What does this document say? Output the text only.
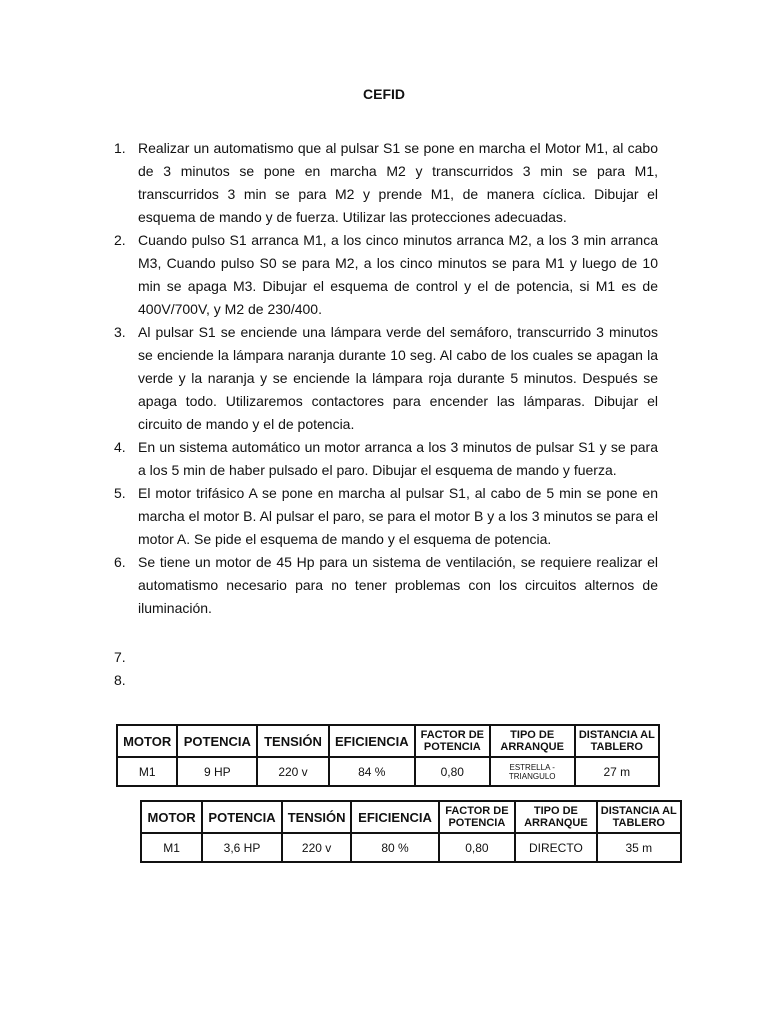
CEFID
1. Realizar un automatismo que al pulsar S1 se pone en marcha el Motor M1, al cabo de 3 minutos se pone en marcha M2 y transcurridos 3 min se para M1, transcurridos 3 min se para M2 y prende M1, de manera cíclica. Dibujar el esquema de mando y de fuerza. Utilizar las protecciones adecuadas.
2. Cuando pulso S1 arranca M1, a los cinco minutos arranca M2, a los 3 min arranca M3, Cuando pulso S0 se para M2, a los cinco minutos se para M1 y luego de 10 min se apaga M3. Dibujar el esquema de control y el de potencia, si M1 es de 400V/700V, y M2 de 230/400.
3. Al pulsar S1 se enciende una lámpara verde del semáforo, transcurrido 3 minutos se enciende la lámpara naranja durante 10 seg. Al cabo de los cuales se apagan la verde y la naranja y se enciende la lámpara roja durante 5 minutos. Después se apaga todo. Utilizaremos contactores para encender las lámparas. Dibujar el circuito de mando y el de potencia.
4. En un sistema automático un motor arranca a los 3 minutos de pulsar S1 y se para a los 5 min de haber pulsado el paro. Dibujar el esquema de mando y fuerza.
5. El motor trifásico A se pone en marcha al pulsar S1, al cabo de 5 min se pone en marcha el motor B. Al pulsar el paro, se para el motor B y a los 3 minutos se para el motor A. Se pide el esquema de mando y el esquema de potencia.
6. Se tiene un motor de 45 Hp para un sistema de ventilación, se requiere realizar el automatismo necesario para no tener problemas con los circuitos alternos de iluminación.
7.
8.
MOTOR	POTENCIA	TENSIÓN	EFICIENCIA	FACTOR DE POTENCIA	TIPO DE ARRANQUE	DISTANCIA AL TABLERO
M1	9 HP	220 v	84 %	0,80	ESTRELLA - TRIANGULO	27 m
MOTOR	POTENCIA	TENSIÓN	EFICIENCIA	FACTOR DE POTENCIA	TIPO DE ARRANQUE	DISTANCIA AL TABLERO
M1	3,6 HP	220 v	80 %	0,80	DIRECTO	35 m
